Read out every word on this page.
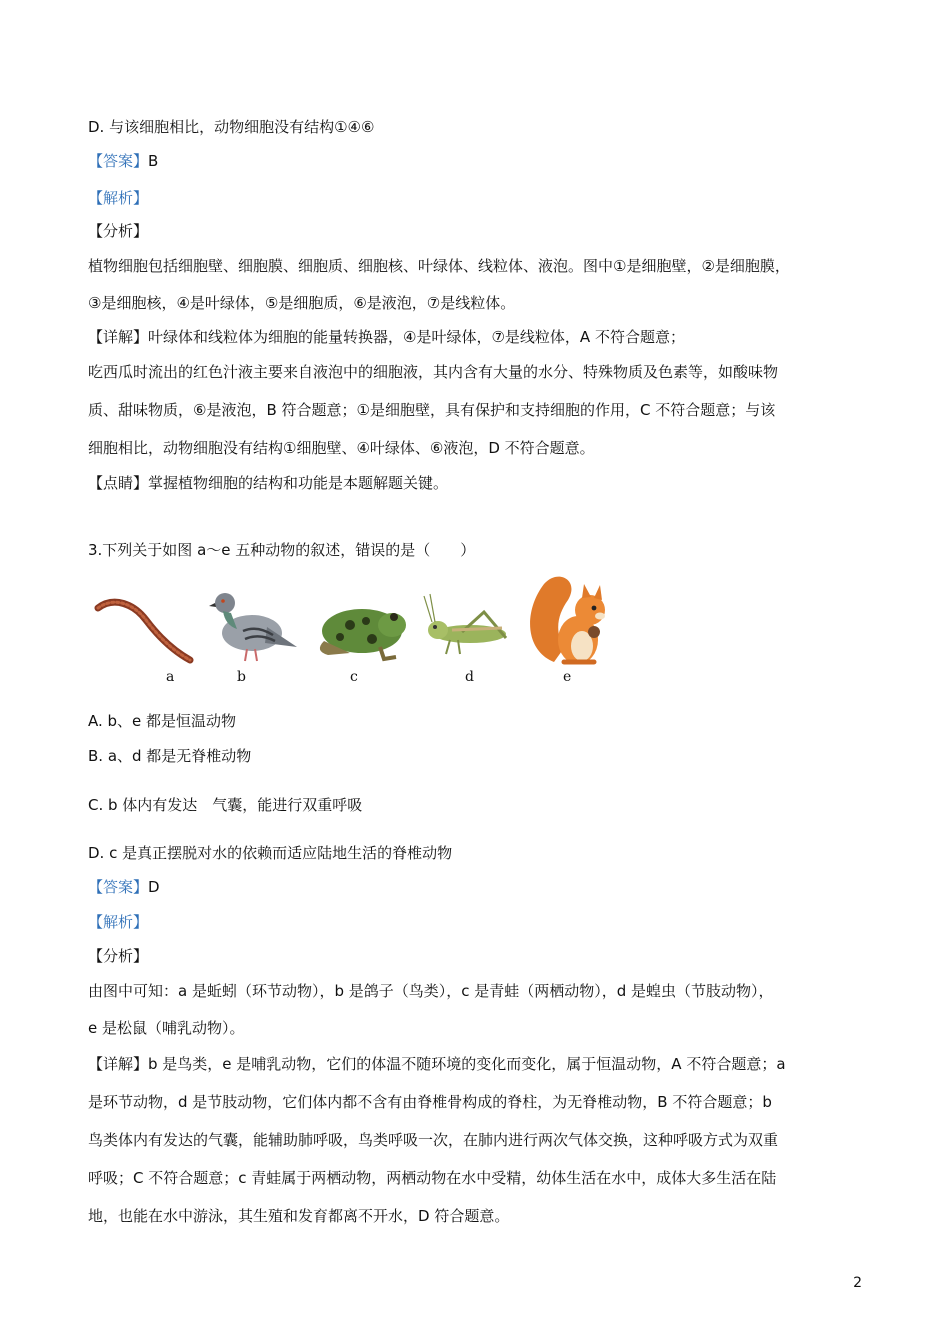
D. 与该细胞相比，动物细胞没有结构①④⑥
【答案】B
【解析】
【分析】
植物细胞包括细胞壁、细胞膜、细胞质、细胞核、叶绿体、线粒体、液泡。图中①是细胞壁，②是细胞膜，
③是细胞核，④是叶绿体，⑤是细胞质，⑥是液泡，⑦是线粒体。
【详解】叶绿体和线粒体为细胞的能量转换器，④是叶绿体，⑦是线粒体，A 不符合题意；
吃西瓜时流出的红色汁液主要来自液泡中的细胞液，其内含有大量的水分、特殊物质及色素等，如酸味物
质、甜味物质，⑥是液泡，B 符合题意；①是细胞壁，具有保护和支持细胞的作用，C 不符合题意；与该
细胞相比，动物细胞没有结构①细胞壁、④叶绿体、⑥液泡，D 不符合题意。
【点睛】掌握植物细胞的结构和功能是本题解题关键。
3.下列关于如图 a～e 五种动物的叙述，错误的是（　　）
a	b	c	d	e
A. b、e 都是恒温动物
B. a、d 都是无脊椎动物
C. b 体内有发达　气囊，能进行双重呼吸
D. c 是真正摆脱对水的依赖而适应陆地生活的脊椎动物
【答案】D
【解析】
【分析】
由图中可知：a 是蚯蚓（环节动物），b 是鸽子（鸟类），c 是青蛙（两栖动物），d 是蝗虫（节肢动物），
e 是松鼠（哺乳动物）。
【详解】b 是鸟类，e 是哺乳动物，它们的体温不随环境的变化而变化，属于恒温动物，A 不符合题意；a
是环节动物，d 是节肢动物，它们体内都不含有由脊椎骨构成的脊柱，为无脊椎动物，B 不符合题意；b
鸟类体内有发达的气囊，能辅助肺呼吸，鸟类呼吸一次，在肺内进行两次气体交换，这种呼吸方式为双重
呼吸；C 不符合题意；c 青蛙属于两栖动物，两栖动物在水中受精，幼体生活在水中，成体大多生活在陆
地，也能在水中游泳，其生殖和发育都离不开水，D 符合题意。
2
